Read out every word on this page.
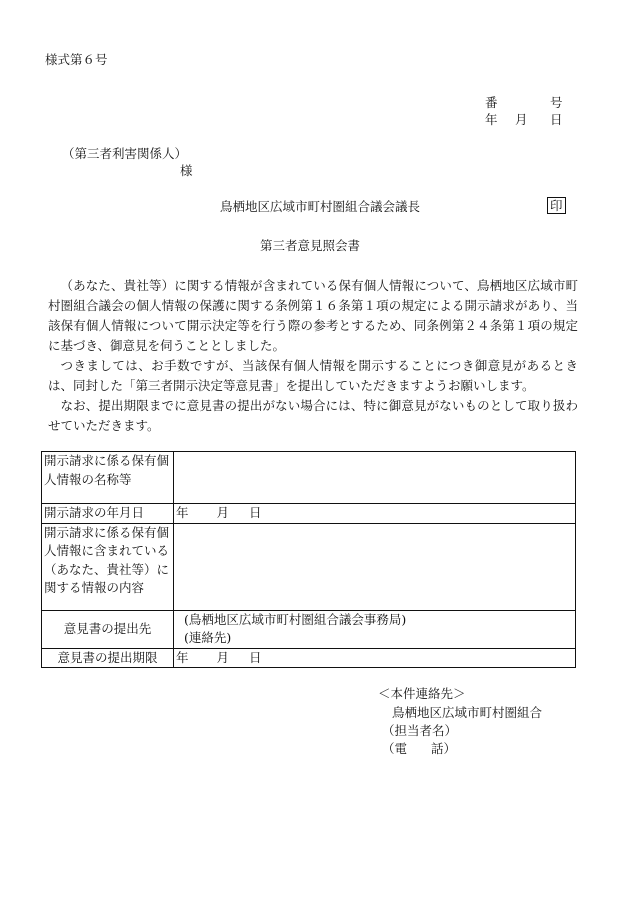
様式第６号
番	号
年 月 日
（第三者利害関係人）
様
鳥栖地区広域市町村圏組合議会議長	印
第三者意見照会書

（あなた、貴社等）に関する情報が含まれている保有個人情報について、鳥栖地区広域市町村圏組合議会の個人情報の保護に関する条例第１６条第１項の規定による開示請求があり、当該保有個人情報について開示決定等を行う際の参考とするため、同条例第２４条第１項の規定に基づき、御意見を伺うこととしました。

つきましては、お手数ですが、当該保有個人情報を開示することにつき御意見があるときは、同封した「第三者開示決定等意見書」を提出していただきますようお願いします。

なお、提出期限までに意見書の提出がない場合には、特に御意見がないものとして取り扱わせていただきます。

開示請求に係る保有個人情報の名称等	
開示請求の年月日	年 月 日
開示請求に係る保有個人情報に含まれている（あなた、貴社等）に関する情報の内容	
意見書の提出先	(鳥栖地区広域市町村圏組合議会事務局)
(連絡先)

意見書の提出期限	年 月 日
＜本件連絡先＞
鳥栖地区広域市町村圏組合
（担当者名）
（電 話）
